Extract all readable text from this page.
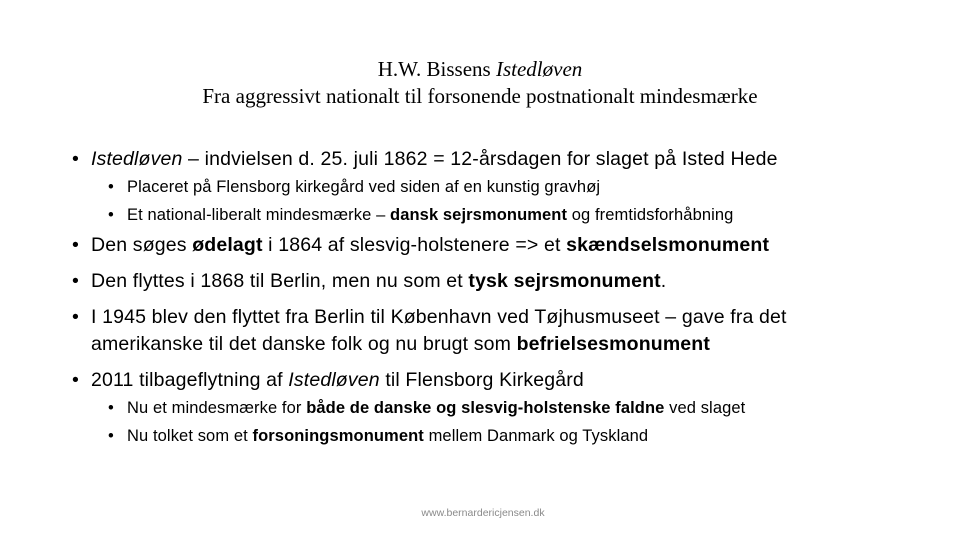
H.W. Bissens Istedløven
Fra aggressivt nationalt til forsonende postnationalt mindesmærke
• Istedløven – indvielsen d. 25. juli 1862 = 12-årsdagen for slaget på Isted Hede
• Placeret på Flensborg kirkegård ved siden af en kunstig gravhøj
• Et national-liberalt mindesmærke – dansk sejrsmonument og fremtidsforhåbning
• Den søges ødelagt i 1864 af slesvig-holstenere => et skændselsmonument
• Den flyttes i 1868 til Berlin, men nu som et tysk sejrsmonument.
• I 1945 blev den flyttet fra Berlin til København ved Tøjhusmuseet – gave fra det
amerikanske til det danske folk og nu brugt som befrielsesmonument
• 2011 tilbageflytning af Istedløven til Flensborg Kirkegård
• Nu et mindesmærke for både de danske og slesvig-holstenske faldne ved slaget
• Nu tolket som et forsoningsmonument mellem Danmark og Tyskland
www.bernardericjensen.dk
